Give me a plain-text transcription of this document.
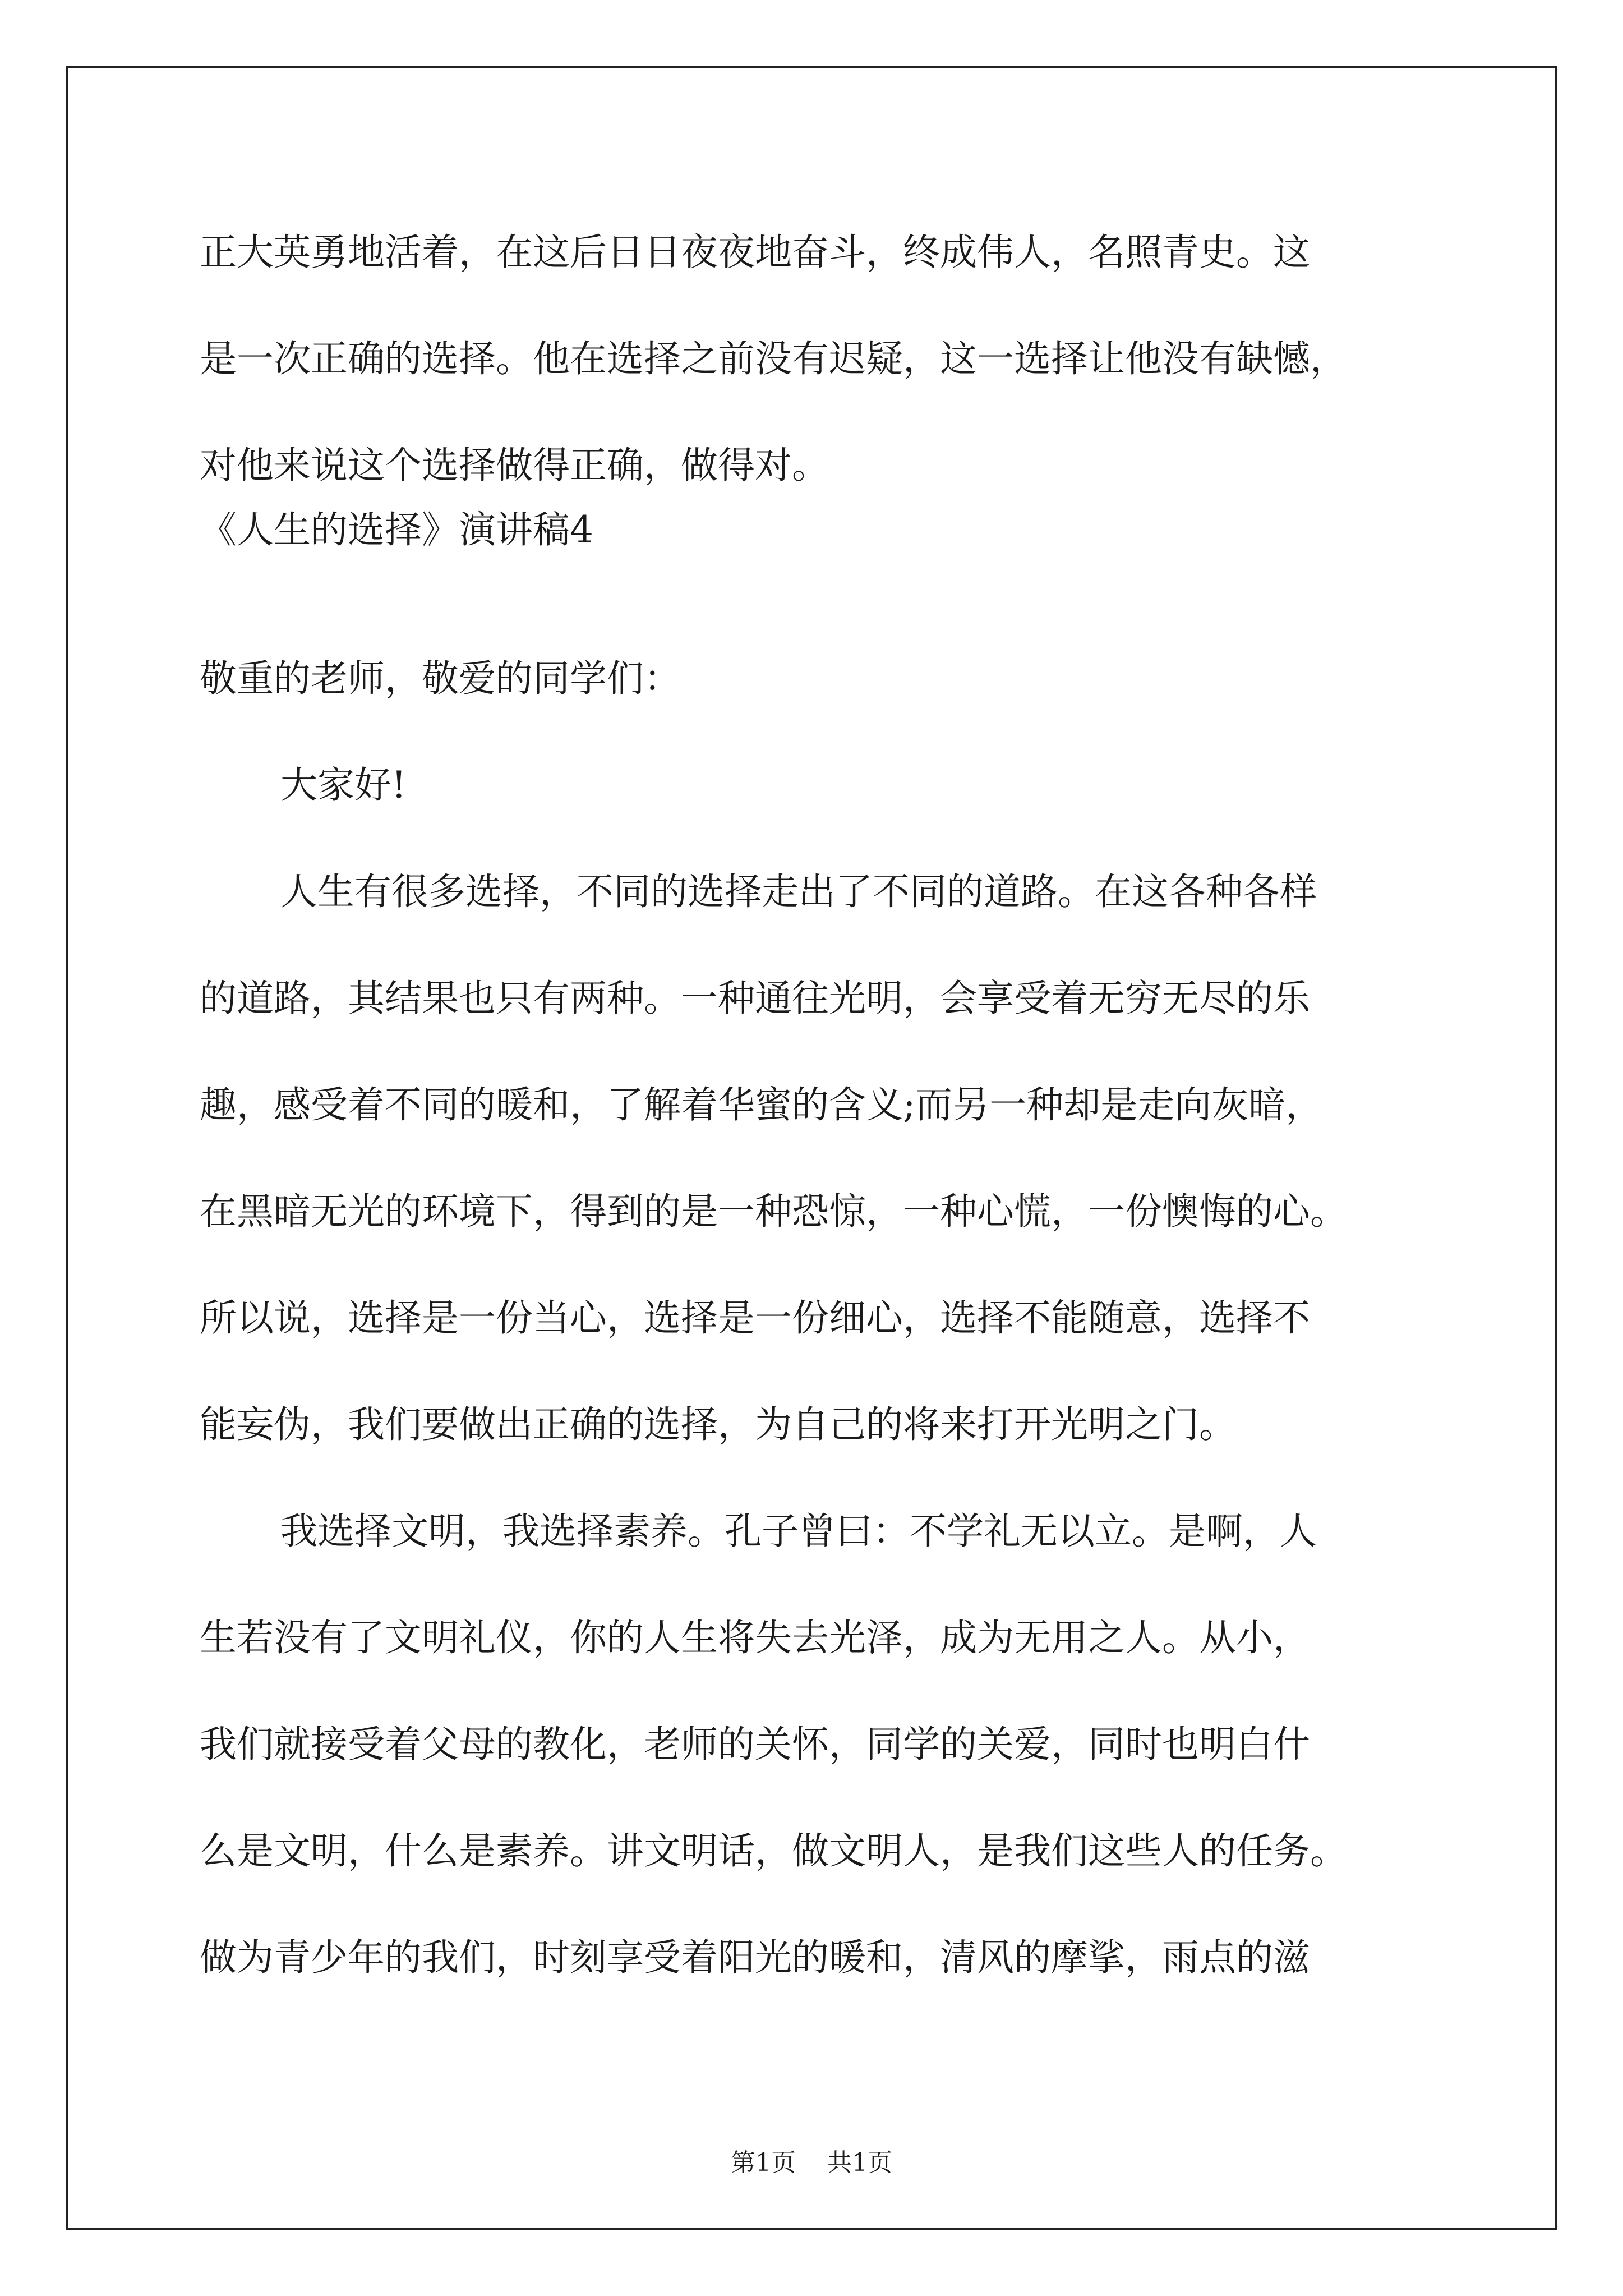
正大英勇地活着，在这后日日夜夜地奋斗，终成伟人，名照青史。这
是一次正确的选择。他在选择之前没有迟疑，这一选择让他没有缺憾，
对他来说这个选择做得正确，做得对。
《人生的选择》演讲稿4
敬重的老师，敬爱的同学们：
大家好!
人生有很多选择，不同的选择走出了不同的道路。在这各种各样
的道路，其结果也只有两种。一种通往光明，会享受着无穷无尽的乐
趣，感受着不同的暖和，了解着华蜜的含义;而另一种却是走向灰暗，
在黑暗无光的环境下，得到的是一种恐惊，一种心慌，一份懊悔的心。
所以说，选择是一份当心，选择是一份细心，选择不能随意，选择不
能妄伪，我们要做出正确的选择，为自己的将来打开光明之门。
我选择文明，我选择素养。孔子曾曰：不学礼无以立。是啊，人
生若没有了文明礼仪，你的人生将失去光泽，成为无用之人。从小，
我们就接受着父母的教化，老师的关怀，同学的关爱，同时也明白什
么是文明，什么是素养。讲文明话，做文明人，是我们这些人的任务。
做为青少年的我们，时刻享受着阳光的暖和，清风的摩挲，雨点的滋
第1页 共1页
